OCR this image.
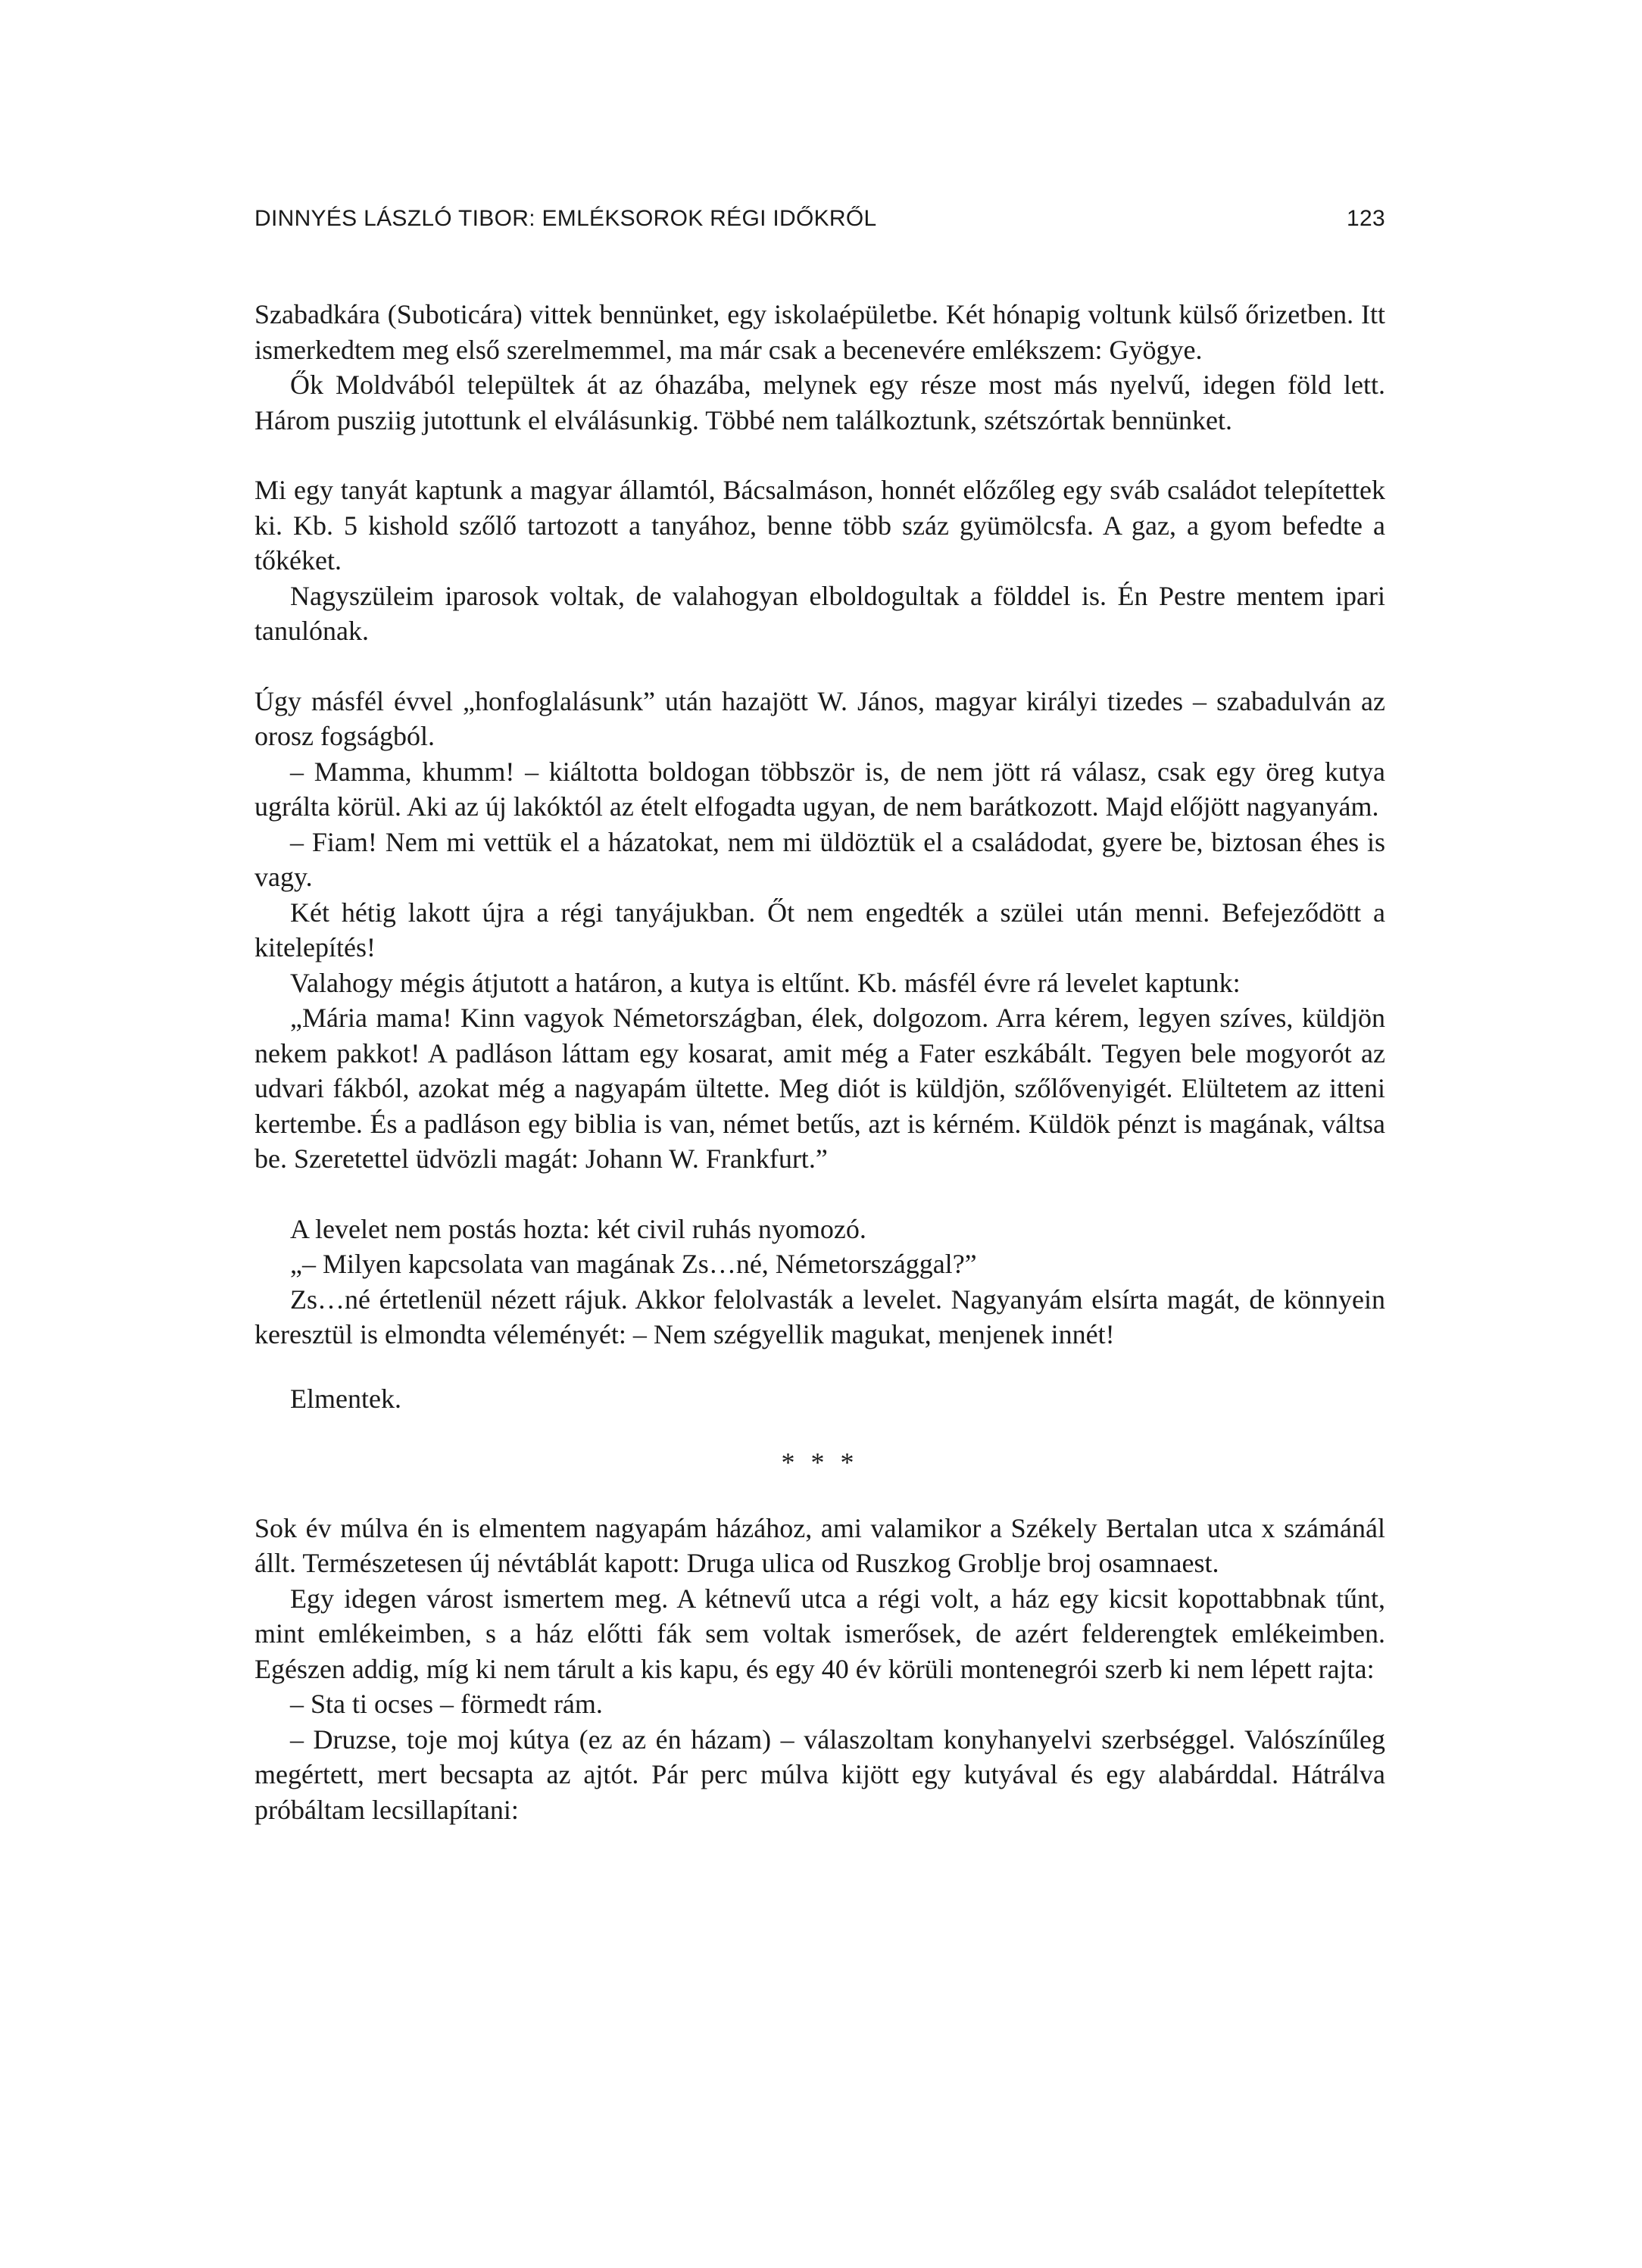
DINNYÉS LÁSZLÓ TIBOR: EMLÉKSOROK RÉGI IDŐKRŐL	123

Szabadkára (Suboticára) vittek bennünket, egy iskolaépületbe. Két hónapig voltunk külső őrizetben. Itt ismerkedtem meg első szerelmemmel, ma már csak a becenevére emlékszem: Gyögye.

Ők Moldvából települtek át az óhazába, melynek egy része most más nyelvű, idegen föld lett. Három pusziig jutottunk el elválásunkig. Többé nem találkoztunk, szétszórtak bennünket.

Mi egy tanyát kaptunk a magyar államtól, Bácsalmáson, honnét előzőleg egy sváb családot telepítettek ki. Kb. 5 kishold szőlő tartozott a tanyához, benne több száz gyümölcsfa. A gaz, a gyom befedte a tőkéket.

Nagyszüleim iparosok voltak, de valahogyan elboldogultak a földdel is. Én Pestre mentem ipari tanulónak.

Úgy másfél évvel „honfoglalásunk” után hazajött W. János, magyar királyi tizedes – szabadulván az orosz fogságból.

– Mamma, khumm! – kiáltotta boldogan többször is, de nem jött rá válasz, csak egy öreg kutya ugrálta körül. Aki az új lakóktól az ételt elfogadta ugyan, de nem barátkozott. Majd előjött nagyanyám.

– Fiam! Nem mi vettük el a házatokat, nem mi üldöztük el a családodat, gyere be, biztosan éhes is vagy.

Két hétig lakott újra a régi tanyájukban. Őt nem engedték a szülei után menni. Befejeződött a kitelepítés!

Valahogy mégis átjutott a határon, a kutya is eltűnt. Kb. másfél évre rá levelet kaptunk:

„Mária mama! Kinn vagyok Németországban, élek, dolgozom. Arra kérem, legyen szíves, küldjön nekem pakkot! A padláson láttam egy kosarat, amit még a Fater eszkábált. Tegyen bele mogyorót az udvari fákból, azokat még a nagyapám ültette. Meg diót is küldjön, szőlővenyigét. Elültetem az itteni kertembe. És a padláson egy biblia is van, német betűs, azt is kérném. Küldök pénzt is magának, váltsa be. Szeretettel üdvözli magát: Johann W. Frankfurt.”

A levelet nem postás hozta: két civil ruhás nyomozó.

„– Milyen kapcsolata van magának Zs…né, Németországgal?”

Zs…né értetlenül nézett rájuk. Akkor felolvasták a levelet. Nagyanyám elsírta magát, de könnyein keresztül is elmondta véleményét: – Nem szégyellik magukat, menjenek innét!

Elmentek.

* * *

Sok év múlva én is elmentem nagyapám házához, ami valamikor a Székely Bertalan utca x számánál állt. Természetesen új névtáblát kapott: Druga ulica od Ruszkog Groblje broj osamnaest.

Egy idegen várost ismertem meg. A kétnevű utca a régi volt, a ház egy kicsit kopottabbnak tűnt, mint emlékeimben, s a ház előtti fák sem voltak ismerősek, de azért felderengtek emlékeimben. Egészen addig, míg ki nem tárult a kis kapu, és egy 40 év körüli montenegrói szerb ki nem lépett rajta:

– Sta ti ocses – förmedt rám.

– Druzse, toje moj kútya (ez az én házam) – válaszoltam konyhanyelvi szerbséggel. Valószínűleg megértett, mert becsapta az ajtót. Pár perc múlva kijött egy kutyával és egy alabárddal. Hátrálva próbáltam lecsillapítani:
